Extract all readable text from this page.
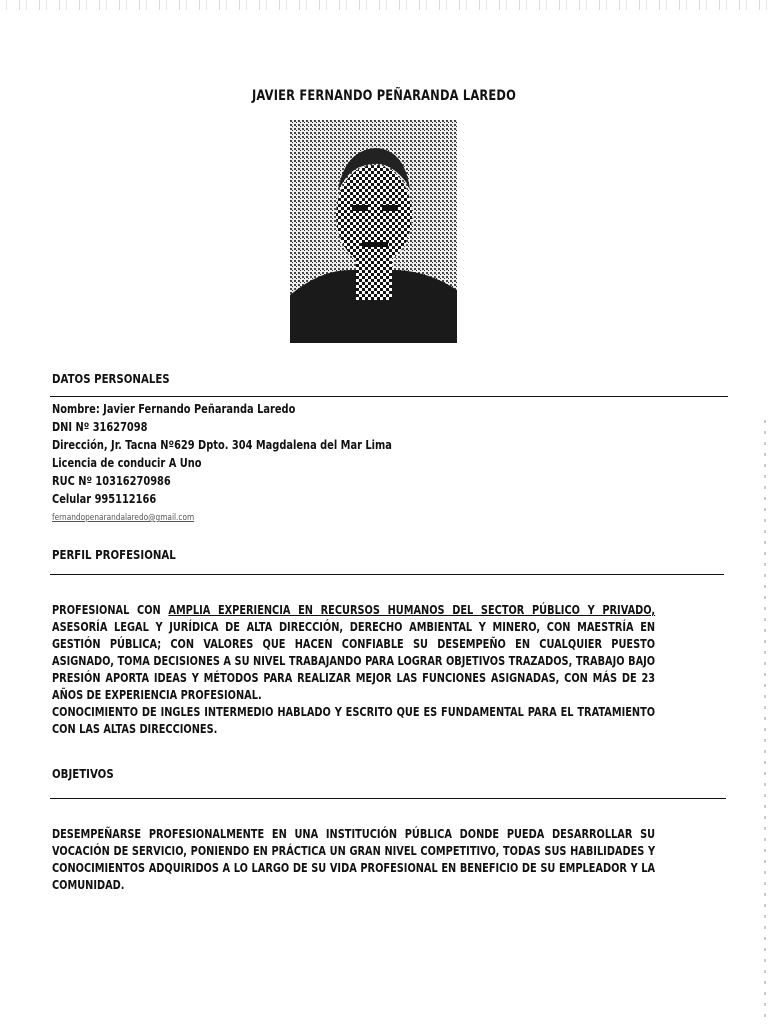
JAVIER FERNANDO PEÑARANDA LAREDO
DATOS PERSONALES
Nombre: Javier Fernando Peñaranda Laredo
DNI Nº 31627098
Dirección, Jr. Tacna Nº629 Dpto. 304 Magdalena del Mar Lima
Licencia de conducir A Uno
RUC Nº 10316270986
Celular 995112166
fernandopenarandalaredo@gmail.com
PERFIL PROFESIONAL

PROFESIONAL CON AMPLIA EXPERIENCIA EN RECURSOS HUMANOS DEL SECTOR PÚBLICO Y PRIVADO, ASESORÍA LEGAL Y JURÍDICA DE ALTA DIRECCIÓN, DERECHO AMBIENTAL Y MINERO, CON MAESTRÍA EN GESTIÓN PÚBLICA; CON VALORES QUE HACEN CONFIABLE SU DESEMPEÑO EN CUALQUIER PUESTO ASIGNADO, TOMA DECISIONES A SU NIVEL TRABAJANDO PARA LOGRAR OBJETIVOS TRAZADOS, TRABAJO BAJO PRESIÓN APORTA IDEAS Y MÉTODOS PARA REALIZAR MEJOR LAS FUNCIONES ASIGNADAS, CON MÁS DE 23 AÑOS DE EXPERIENCIA PROFESIONAL.
CONOCIMIENTO DE INGLES INTERMEDIO HABLADO Y ESCRITO QUE ES FUNDAMENTAL PARA EL TRATAMIENTO CON LAS ALTAS DIRECCIONES.

OBJETIVOS

DESEMPEÑARSE PROFESIONALMENTE EN UNA INSTITUCIÓN PÚBLICA DONDE PUEDA DESARROLLAR SU VOCACIÓN DE SERVICIO, PONIENDO EN PRÁCTICA UN GRAN NIVEL COMPETITIVO, TODAS SUS HABILIDADES Y CONOCIMIENTOS ADQUIRIDOS A LO LARGO DE SU VIDA PROFESIONAL EN BENEFICIO DE SU EMPLEADOR Y LA COMUNIDAD.
